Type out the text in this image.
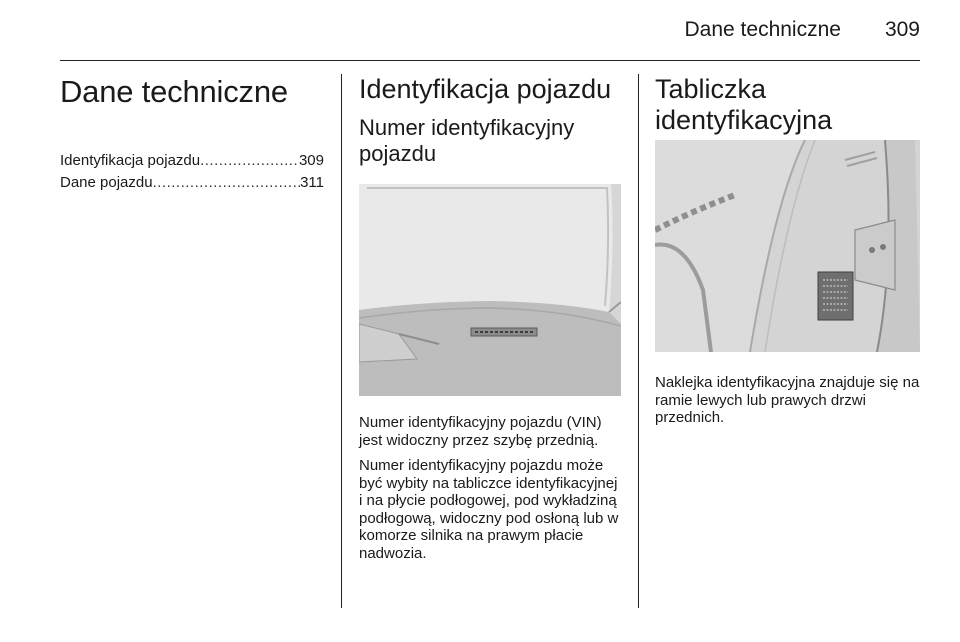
Dane techniczne 309
Dane techniczne
Identyfikacja pojazdu .....	309
Dane pojazdu .....	311
Identyfikacja pojazdu
Numer identyfikacyjny pojazdu

Numer identyfikacyjny pojazdu (VIN) jest widoczny przez szybę przednią.

Numer identyfikacyjny pojazdu może być wybity na tabliczce identyfikacyjnej i na płycie podłogowej, pod wykładziną podłogową, widoczny pod osłoną lub w komorze silnika na prawym płacie nadwozia.

Tabliczka identyfikacyjna

Naklejka identyfikacyjna znajduje się na ramie lewych lub prawych drzwi przednich.
